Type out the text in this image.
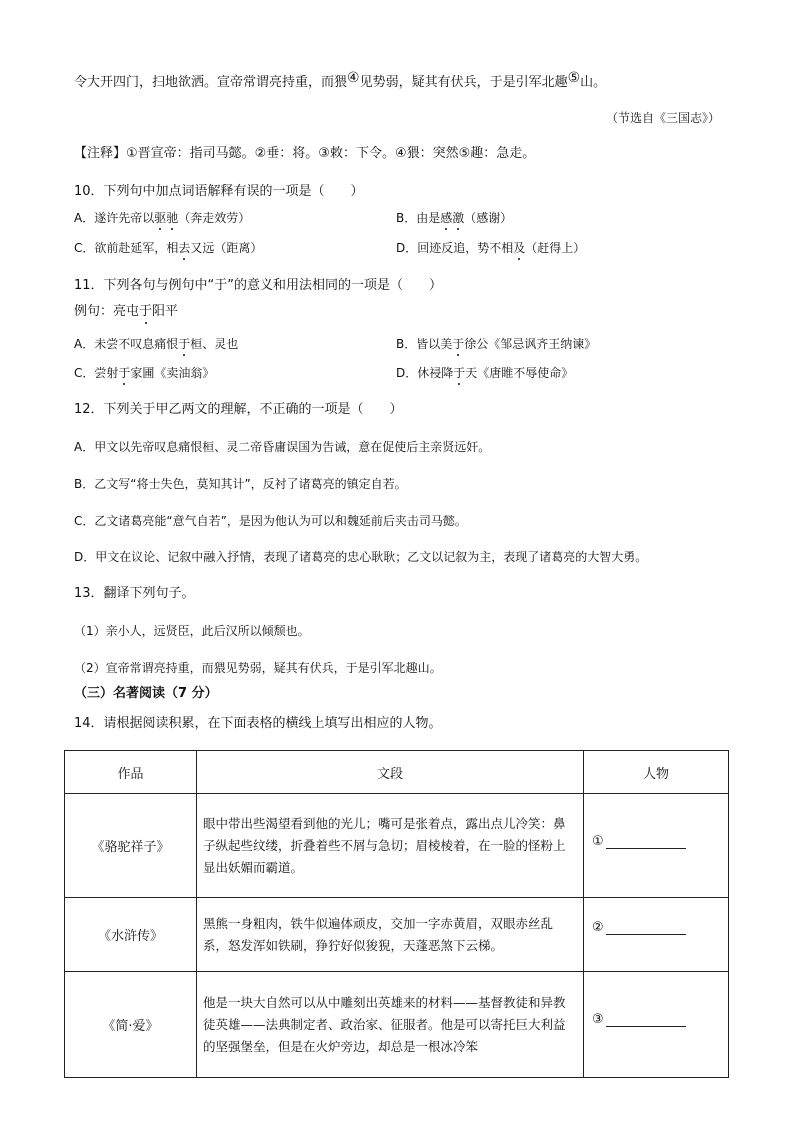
令大开四门，扫地欲洒。宣帝常谓亮持重，而猥④见势弱，疑其有伏兵，于是引军北趣⑤山。
（节选自《三国志》）
【注释】①晋宣帝：指司马懿。②垂：将。③敕：下令。④猥：突然⑤趣：急走。
10．下列句中加点词语解释有误的一项是（　　）
A．遂许先帝以驱驰（奔走效劳）	B．由是感激（感谢）
C．欲前赴延军，相去又远（距离）	D．回迹反追，势不相及（赶得上）
11．下列各句与例句中“于”的意义和用法相同的一项是（　　）
例句：亮屯于阳平
A．未尝不叹息痛恨于桓、灵也	B．皆以美于徐公《邹忌讽齐王纳谏》
C．尝射于家圃《卖油翁》	D．休祲降于天《唐睢不辱使命》
12．下列关于甲乙两文的理解，不正确的一项是（　　）
A．甲文以先帝叹息痛恨桓、灵二帝昏庸误国为告诫，意在促使后主亲贤远奸。
B．乙文写“将士失色，莫知其计”，反衬了诸葛亮的镇定自若。
C．乙文诸葛亮能“意气自若”，是因为他认为可以和魏延前后夹击司马懿。
D．甲文在议论、记叙中融入抒情，表现了诸葛亮的忠心耿耿；乙文以记叙为主，表现了诸葛亮的大智大勇。
13．翻译下列句子。
（1）亲小人，远贤臣，此后汉所以倾颓也。
（2）宣帝常谓亮持重，而猥见势弱，疑其有伏兵，于是引军北趣山。
（三）名著阅读（7 分）
14．请根据阅读积累，在下面表格的横线上填写出相应的人物。
作品	文段	人物
《骆驼祥子》	眼中带出些渴望看到他的光儿；嘴可是张着点，露出点儿冷笑：鼻子纵起些纹缕，折叠着些不屑与急切；眉棱棱着，在一脸的怪粉上显出妖媚而霸道。	①

《水浒传》	黑熊一身粗肉，铁牛似遍体顽皮，交加一字赤黄眉，双眼赤丝乱系，怒发浑如铁刷，狰狞好似狻猊，天蓬恶煞下云梯。	②

《简·爱》	他是一块大自然可以从中雕刻出英雄来的材料——基督教徒和异教徒英雄——法典制定者、政治家、征服者。他是可以寄托巨大利益的坚强堡垒，但是在火炉旁边，却总是一根冰冷笨	③
